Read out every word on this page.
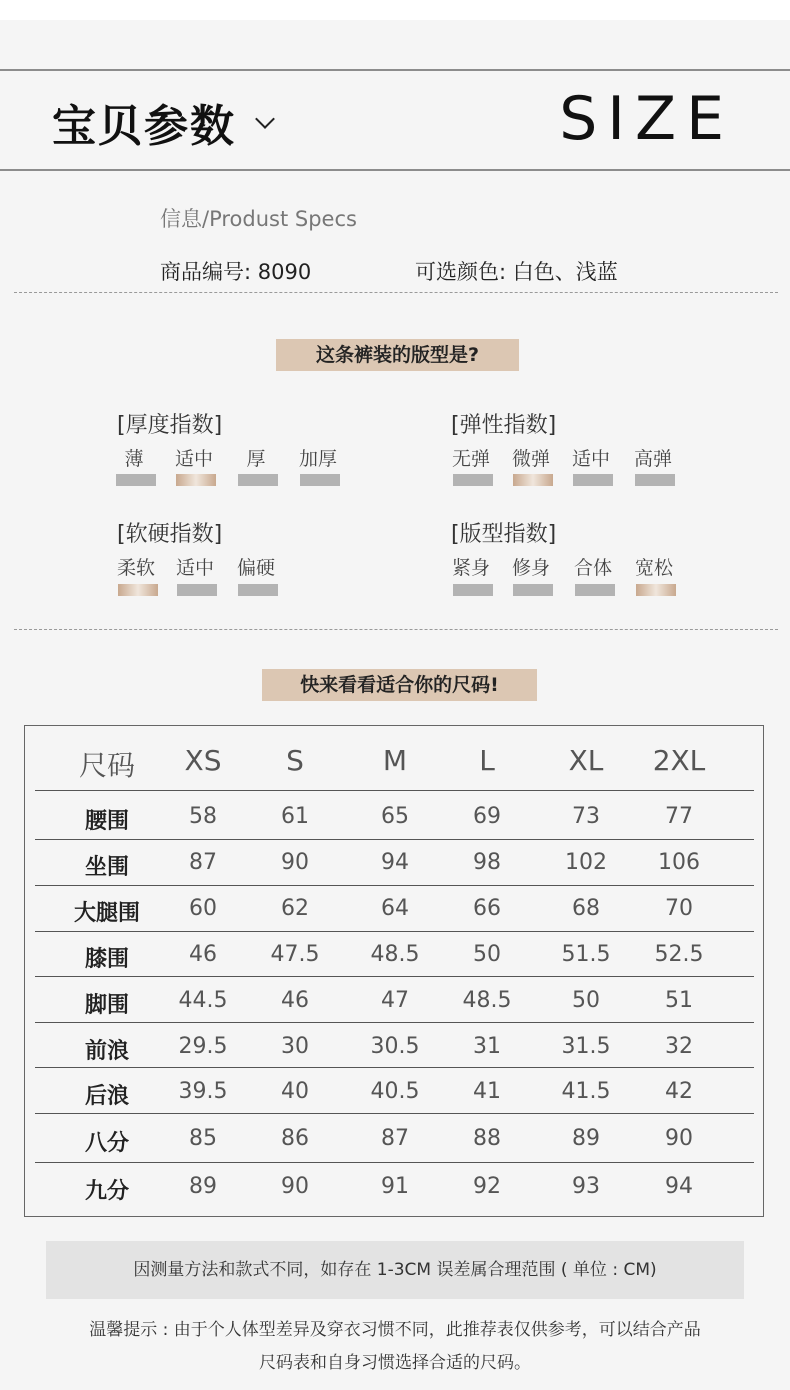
宝贝参数	SIZE
信息/Produst Specs
商品编号: 8090	可选颜色: 白色、浅蓝
这条裤装的版型是?
[厚度指数]
薄	适中	厚	加厚
[弹性指数]
无弹	微弹	适中	高弹
[软硬指数]
柔软	适中	偏硬
[版型指数]
紧身	修身	合体	宽松
快来看看适合你的尺码!
尺码	XS	S	M	L	XL	2XL
腰围	58	61	65	69	73	77
坐围	87	90	94	98	102	106
大腿围	60	62	64	66	68	70
膝围	46	47.5	48.5	50	51.5	52.5
脚围	44.5	46	47	48.5	50	51
前浪	29.5	30	30.5	31	31.5	32
后浪	39.5	40	40.5	41	41.5	42
八分	85	86	87	88	89	90
九分	89	90	91	92	93	94
因测量方法和款式不同，如存在 1-3CM 误差属合理范围 ( 单位 : CM)
温馨提示 : 由于个人体型差异及穿衣习惯不同，此推荐表仅供参考，可以结合产品
尺码表和自身习惯选择合适的尺码。
